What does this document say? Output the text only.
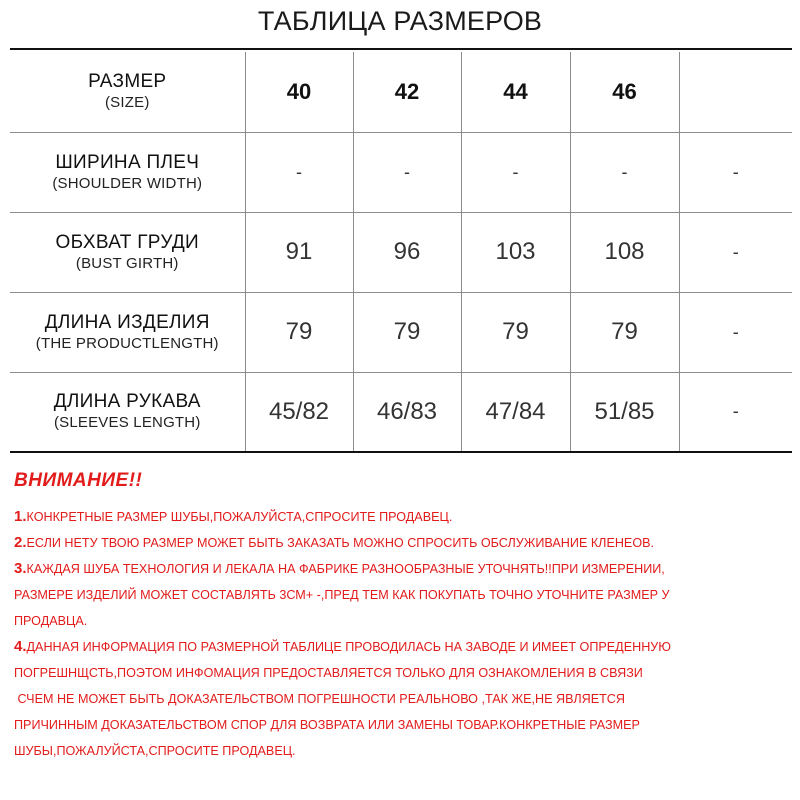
ТАБЛИЦА РАЗМЕРОВ
РАЗМЕР
(SIZE)	40	42	44	46	

ШИРИНА ПЛЕЧ
(SHOULDER WIDTH)	-	-	-	-	-

ОБХВАТ ГРУДИ
(BUST GIRTH)	91	96	103	108	-

ДЛИНА ИЗДЕЛИЯ
(THE PRODUCTLENGTH)	79	79	79	79	-

ДЛИНА РУКАВА
(SLEEVES LENGTH)	45/82	46/83	47/84	51/85	-
ВНИМАНИЕ!!
1.КОНКРЕТНЫЕ РАЗМЕР ШУБЫ,ПОЖАЛУЙСТА,СПРОСИТЕ ПРОДАВЕЦ.
2.ЕСЛИ НЕТУ ТВОЮ РАЗМЕР МОЖЕТ БЫТЬ ЗАКАЗАТЬ МОЖНО СПРОСИТЬ ОБСЛУЖИВАНИЕ КЛЕНЕОВ.
3.КАЖДАЯ ШУБА ТЕХНОЛОГИЯ И ЛЕКАЛА НА ФАБРИКЕ РАЗНООБРАЗНЫЕ УТОЧНЯТЬ!!ПРИ ИЗМЕРЕНИИ,
РАЗМЕРЕ ИЗДЕЛИЙ МОЖЕТ СОСТАВЛЯТЬ 3СМ+ -,ПРЕД ТЕМ КАК ПОКУПАТЬ ТОЧНО УТОЧНИТЕ РАЗМЕР У
ПРОДАВЦА.
4.ДАННАЯ ИНФОРМАЦИЯ ПО РАЗМЕРНОЙ ТАБЛИЦЕ ПРОВОДИЛАСЬ НА ЗАВОДЕ И ИМЕЕТ ОПРЕДЕННУЮ
ПОГРЕШНЩСТЬ,ПОЭТОМ ИНФОМАЦИЯ ПРЕДОСТАВЛЯЕТСЯ ТОЛЬКО ДЛЯ ОЗНАКОМЛЕНИЯ В СВЯЗИ
СЧЕМ НЕ МОЖЕТ БЫТЬ ДОКАЗАТЕЛЬСТВОМ ПОГРЕШНОСТИ РЕАЛЬНОВО ,ТАК ЖЕ,НЕ ЯВЛЯЕТСЯ
ПРИЧИННЫМ ДОКАЗАТЕЛЬСТВОМ СПОР ДЛЯ ВОЗВРАТА ИЛИ ЗАМЕНЫ ТОВАР.КОНКРЕТНЫЕ РАЗМЕР
ШУБЫ,ПОЖАЛУЙСТА,СПРОСИТЕ ПРОДАВЕЦ.
